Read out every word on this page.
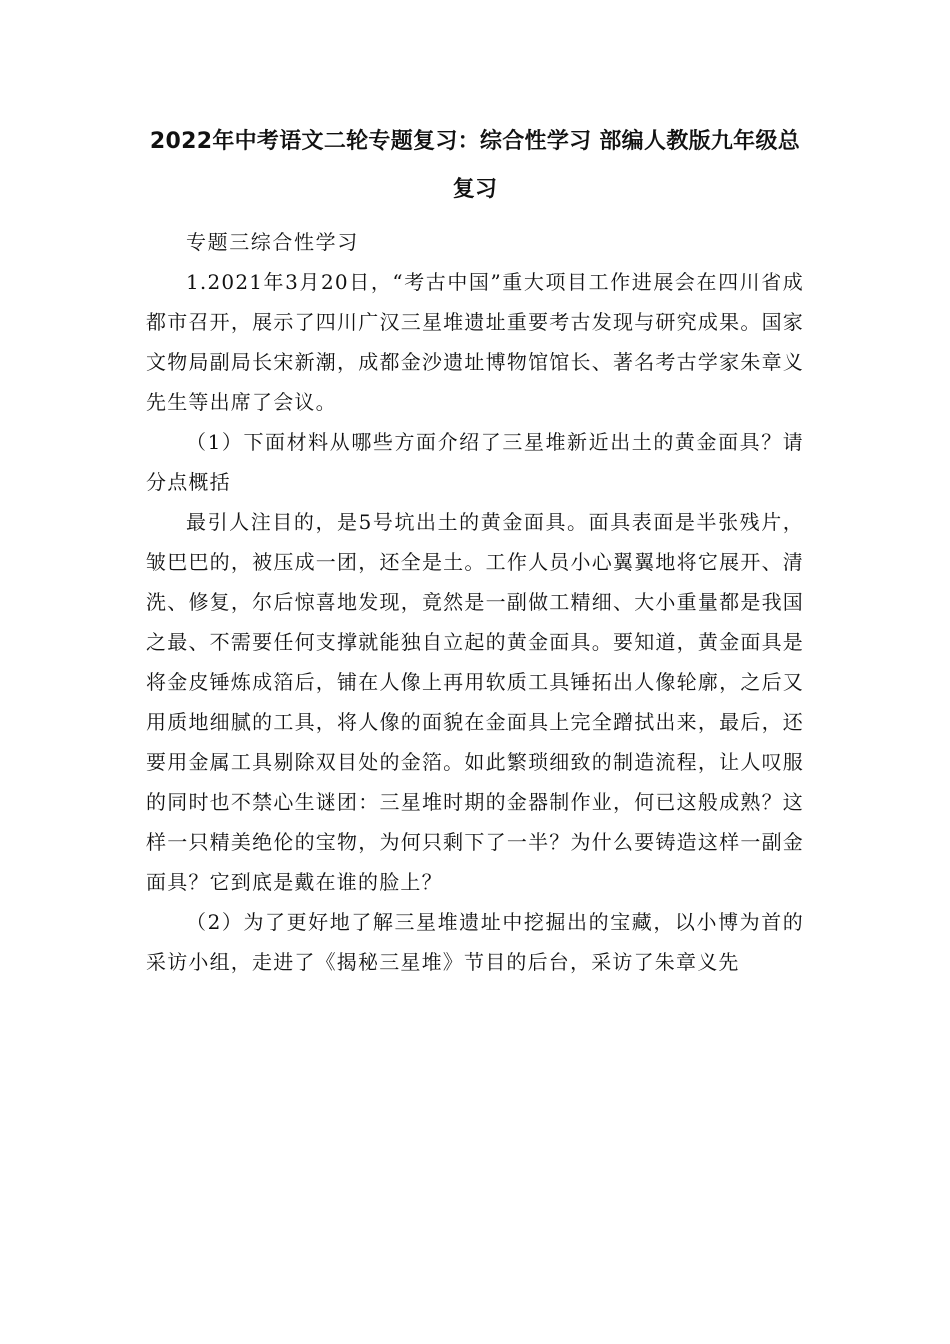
2022年中考语文二轮专题复习：综合性学习 部编人教版九年级总复习

专题三综合性学习

1.2021年3月20日，“考古中国”重大项目工作进展会在四川省成都市召开，展示了四川广汉三星堆遗址重要考古发现与研究成果。国家文物局副局长宋新潮，成都金沙遗址博物馆馆长、著名考古学家朱章义先生等出席了会议。

（1）下面材料从哪些方面介绍了三星堆新近出土的黄金面具？请分点概括

最引人注目的，是5号坑出土的黄金面具。面具表面是半张残片，皱巴巴的，被压成一团，还全是土。工作人员小心翼翼地将它展开、清洗、修复，尔后惊喜地发现，竟然是一副做工精细、大小重量都是我国之最、不需要任何支撑就能独自立起的黄金面具。要知道，黄金面具是将金皮锤炼成箔后，铺在人像上再用软质工具锤拓出人像轮廓，之后又用质地细腻的工具，将人像的面貌在金面具上完全蹭拭出来，最后，还要用金属工具剔除双目处的金箔。如此繁琐细致的制造流程，让人叹服的同时也不禁心生谜团：三星堆时期的金器制作业，何已这般成熟？这样一只精美绝伦的宝物，为何只剩下了一半？为什么要铸造这样一副金面具？它到底是戴在谁的脸上？

（2）为了更好地了解三星堆遗址中挖掘出的宝藏，以小博为首的采访小组，走进了《揭秘三星堆》节目的后台，采访了朱章义先
